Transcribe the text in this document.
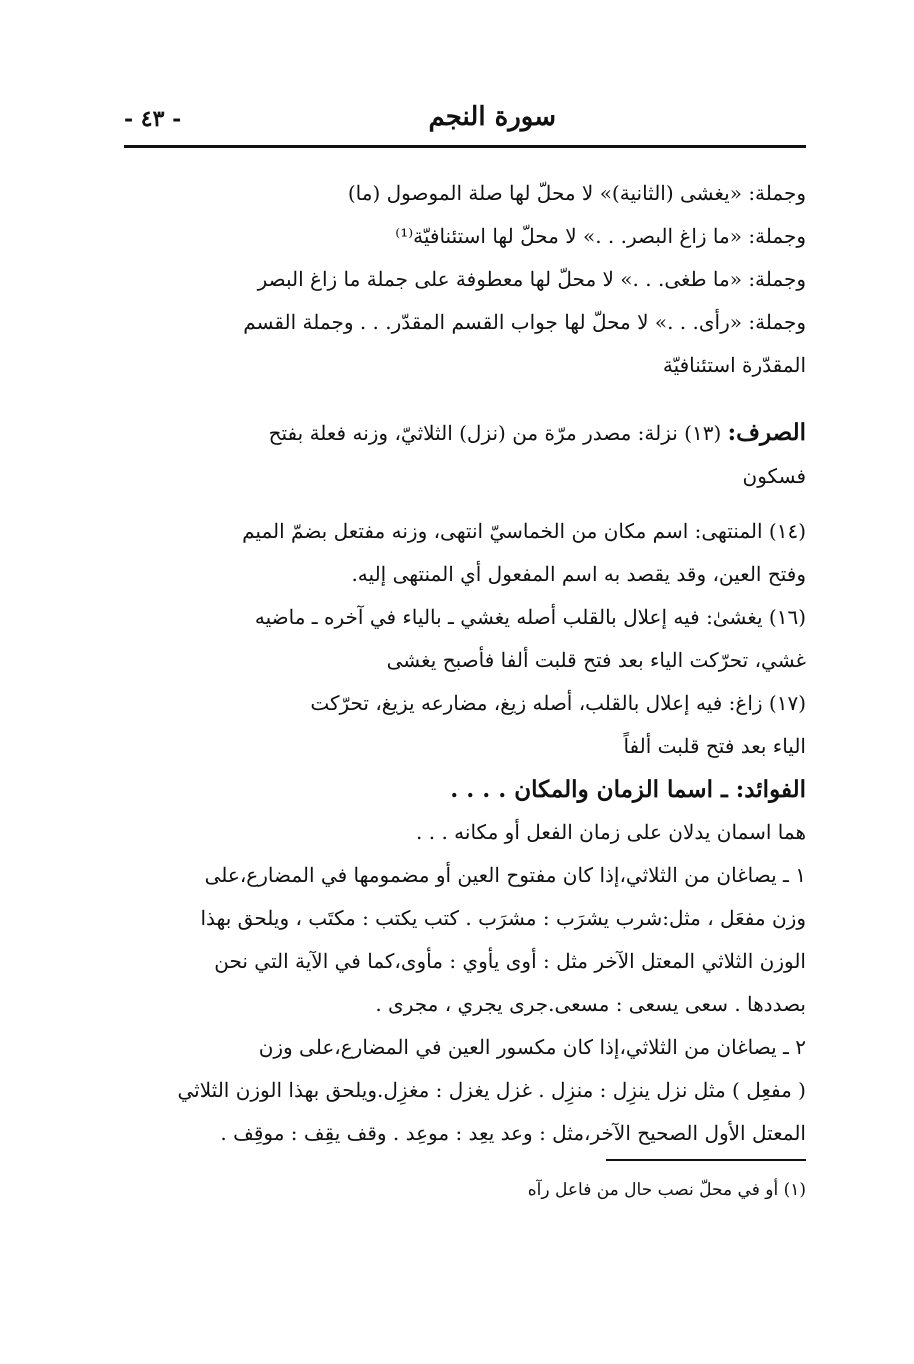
سورة النجم
- ٤٣ -
وجملة: «يغشى (الثانية)» لا محلّ لها صلة الموصول (ما)
وجملة: «ما زاغ البصر. . .» لا محلّ لها استئنافيّة⁽¹⁾
وجملة: «ما طغى. . .» لا محلّ لها معطوفة على جملة ما زاغ البصر
وجملة: «رأى. . .» لا محلّ لها جواب القسم المقدّر. . . وجملة القسم
المقدّرة استئنافيّة
الصرف: (١٣) نزلة: مصدر مرّة من (نزل) الثلاثيّ، وزنه فعلة بفتح
فسكون
(١٤) المنتهى: اسم مكان من الخماسيّ انتهى، وزنه مفتعل بضمّ الميم
وفتح العين، وقد يقصد به اسم المفعول أي المنتهى إليه.
(١٦) يغشىٰ: فيه إعلال بالقلب أصله يغشي ـ بالياء في آخره ـ ماضيه
غشي، تحرّكت الياء بعد فتح قلبت ألفا فأصبح يغشى
(١٧) زاغ: فيه إعلال بالقلب، أصله زيغ، مضارعه يزيغ، تحرّكت
الياء بعد فتح قلبت ألفاً
الفوائد: ـ اسما الزمان والمكان . . . .
هما اسمان يدلان على زمان الفعل أو مكانه . . .
١ ـ يصاغان من الثلاثي،إذا كان مفتوح العين أو مضمومها في المضارع،على
وزن مفعَل ، مثل:شرب يشرَب : مشرَب . كتب يكتب : مكتَب ، ويلحق بهذا
الوزن الثلاثي المعتل الآخر مثل : أوى يأوي : مأوى،كما في الآية التي نحن
بصددها . سعى يسعى : مسعى.جرى يجري ، مجرى .
٢ ـ يصاغان من الثلاثي،إذا كان مكسور العين في المضارع،على وزن
( مفعِل ) مثل نزل ينزِل : منزِل . غزل يغزل : مغزِل.ويلحق بهذا الوزن الثلاثي
المعتل الأول الصحيح الآخر،مثل : وعد يعِد : موعِد . وقف يقِف : موقِف .
(١) أو في محلّ نصب حال من فاعل رآه
